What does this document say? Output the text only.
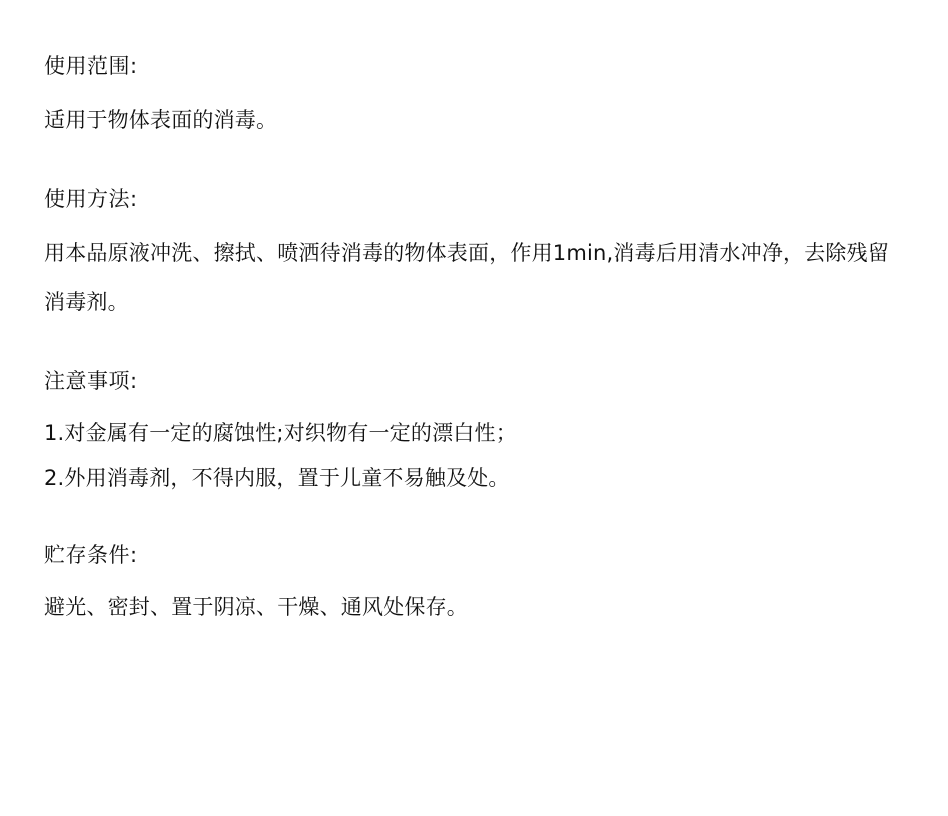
使用范围:

适用于物体表面的消毒。

使用方法:

用本品原液冲洗、擦拭、喷洒待消毒的物体表面，作用1min,消毒后用清水冲净，去除残留消毒剂。

注意事项:

1.对金属有一定的腐蚀性;对织物有一定的漂白性；

2.外用消毒剂，不得内服，置于儿童不易触及处。

贮存条件:

避光、密封、置于阴凉、干燥、通风处保存。
